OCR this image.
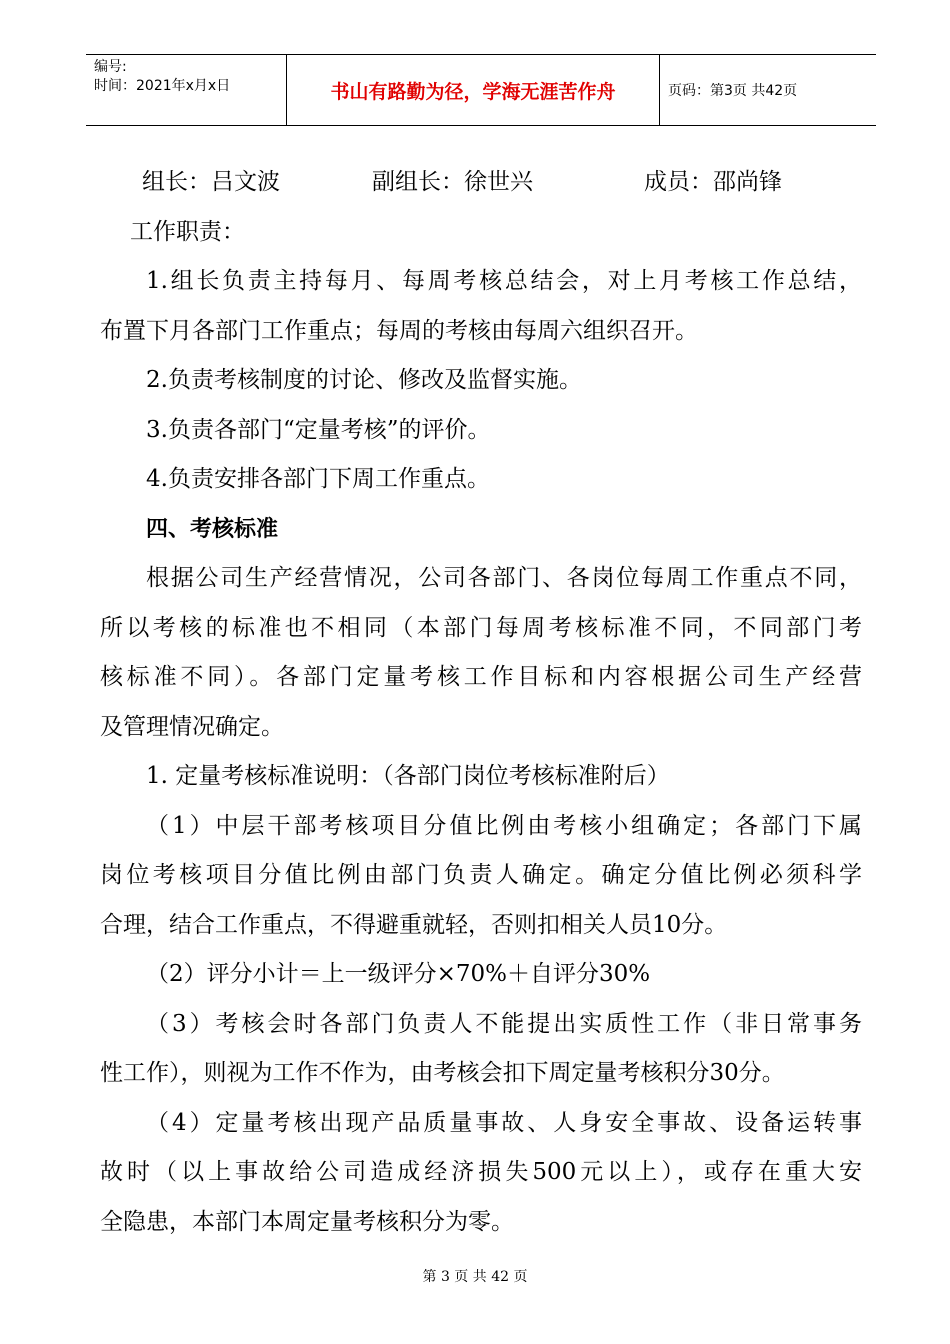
编号:
时间：2021年x月x日	书山有路勤为径，学海无涯苦作舟	页码：第3页 共42页
组长：吕文波	副组长：徐世兴	成员：邵尚锋
工作职责：
1.组长负责主持每月、每周考核总结会，对上月考核工作总结，
布置下月各部门工作重点；每周的考核由每周六组织召开。
2.负责考核制度的讨论、修改及监督实施。
3.负责各部门“定量考核”的评价。
4.负责安排各部门下周工作重点。
四、考核标准
根据公司生产经营情况，公司各部门、各岗位每周工作重点不同，
所以考核的标准也不相同（本部门每周考核标准不同，不同部门考
核标准不同）。各部门定量考核工作目标和内容根据公司生产经营
及管理情况确定。
1. 定量考核标准说明：（各部门岗位考核标准附后）
（1）中层干部考核项目分值比例由考核小组确定；各部门下属
岗位考核项目分值比例由部门负责人确定。确定分值比例必须科学
合理，结合工作重点，不得避重就轻，否则扣相关人员10分。
（2）评分小计＝上一级评分×70%＋自评分30%
（3）考核会时各部门负责人不能提出实质性工作（非日常事务
性工作），则视为工作不作为，由考核会扣下周定量考核积分30分。
（4）定量考核出现产品质量事故、人身安全事故、设备运转事
故时（以上事故给公司造成经济损失500元以上），或存在重大安
全隐患，本部门本周定量考核积分为零。
第 3 页 共 42 页
